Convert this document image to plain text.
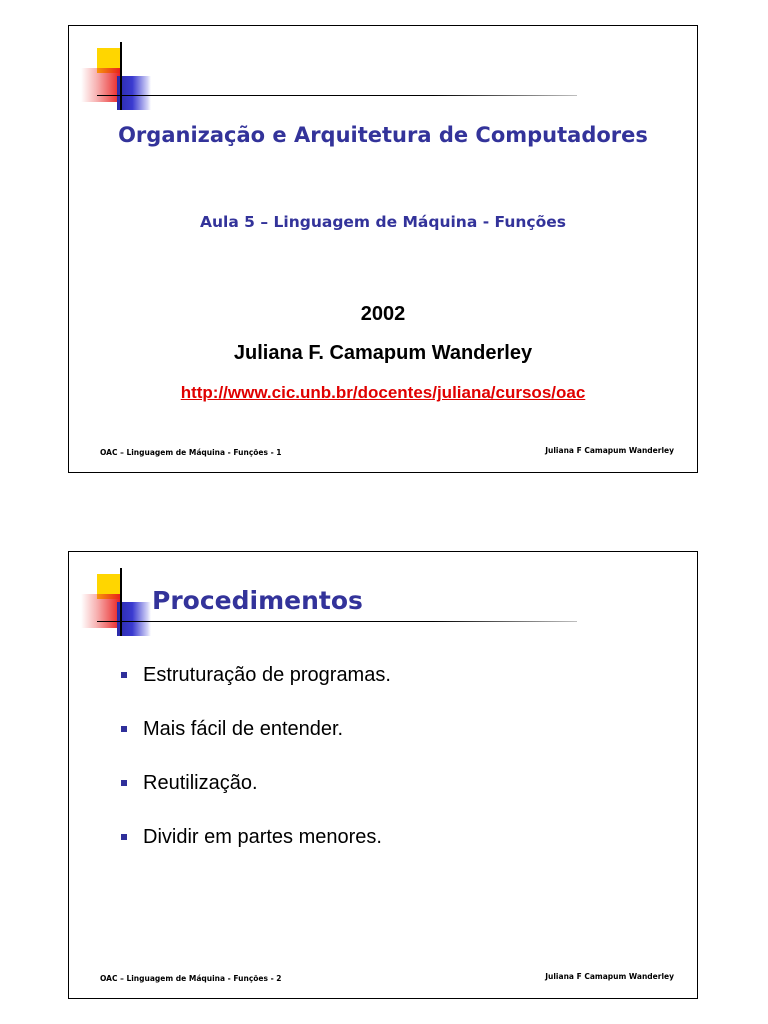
Organização e Arquitetura de Computadores
Aula 5 – Linguagem de Máquina - Funções
2002
Juliana F. Camapum Wanderley
http://www.cic.unb.br/docentes/juliana/cursos/oac
OAC – Linguagem de Máquina - Funções - 1	Juliana F Camapum Wanderley
Procedimentos
Estruturação de programas.
Mais fácil de entender.
Reutilização.
Dividir em partes menores.
OAC – Linguagem de Máquina - Funções - 2	Juliana F Camapum Wanderley
